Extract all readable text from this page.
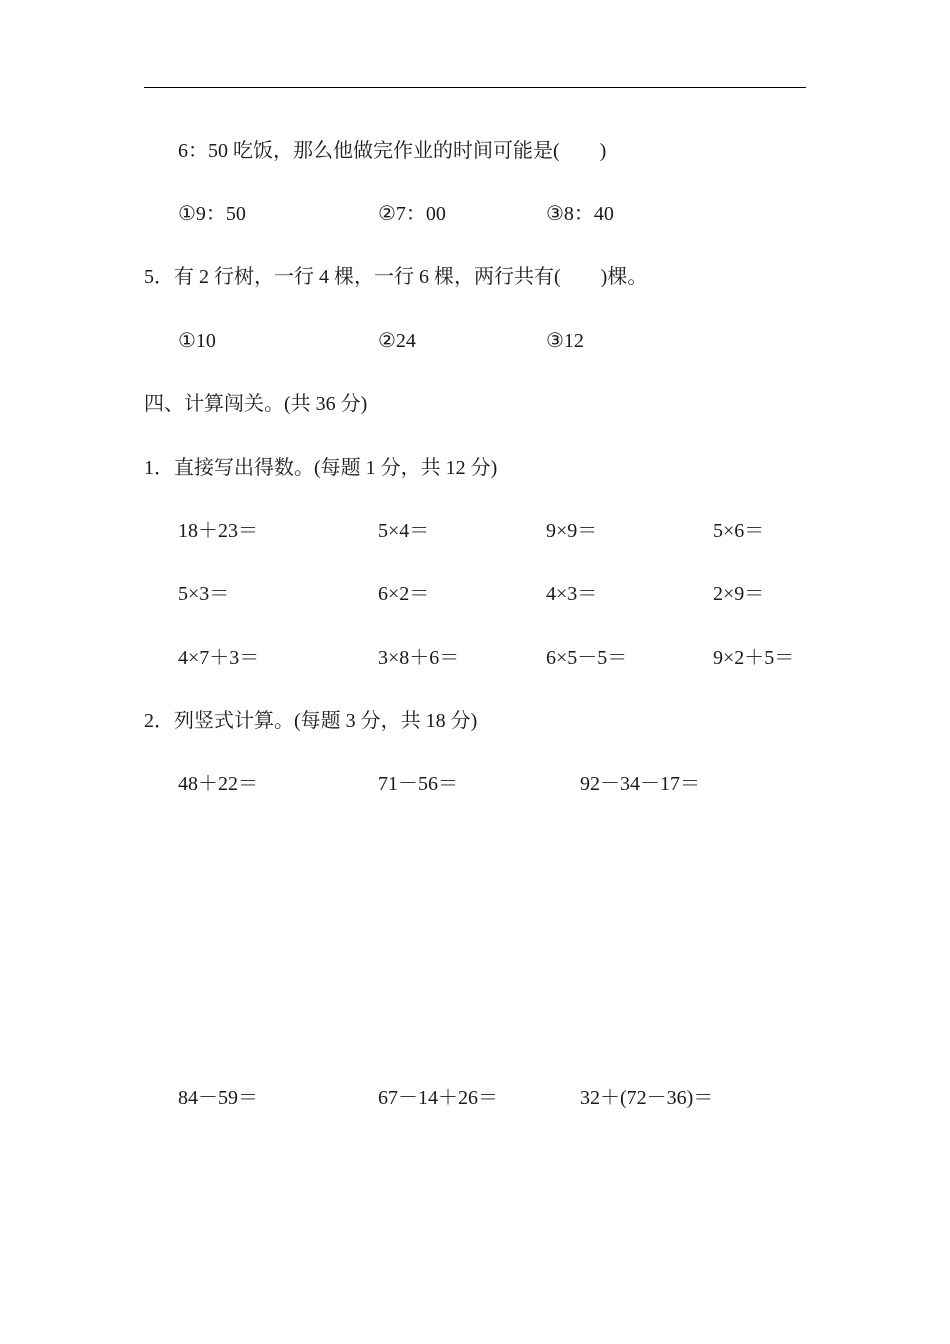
6：50 吃饭，那么他做完作业的时间可能是(　　)
①9：50	②7：00	③8：40
5．有 2 行树，一行 4 棵，一行 6 棵，两行共有(　　)棵。
①10	②24	③12
四、计算闯关。(共 36 分)
1．直接写出得数。(每题 1 分，共 12 分)
18＋23＝	5×4＝	9×9＝	5×6＝
5×3＝	6×2＝	4×3＝	2×9＝
4×7＋3＝	3×8＋6＝	6×5－5＝	9×2＋5＝
2．列竖式计算。(每题 3 分，共 18 分)
48＋22＝	71－56＝	92－34－17＝
84－59＝	67－14＋26＝	32＋(72－36)＝
